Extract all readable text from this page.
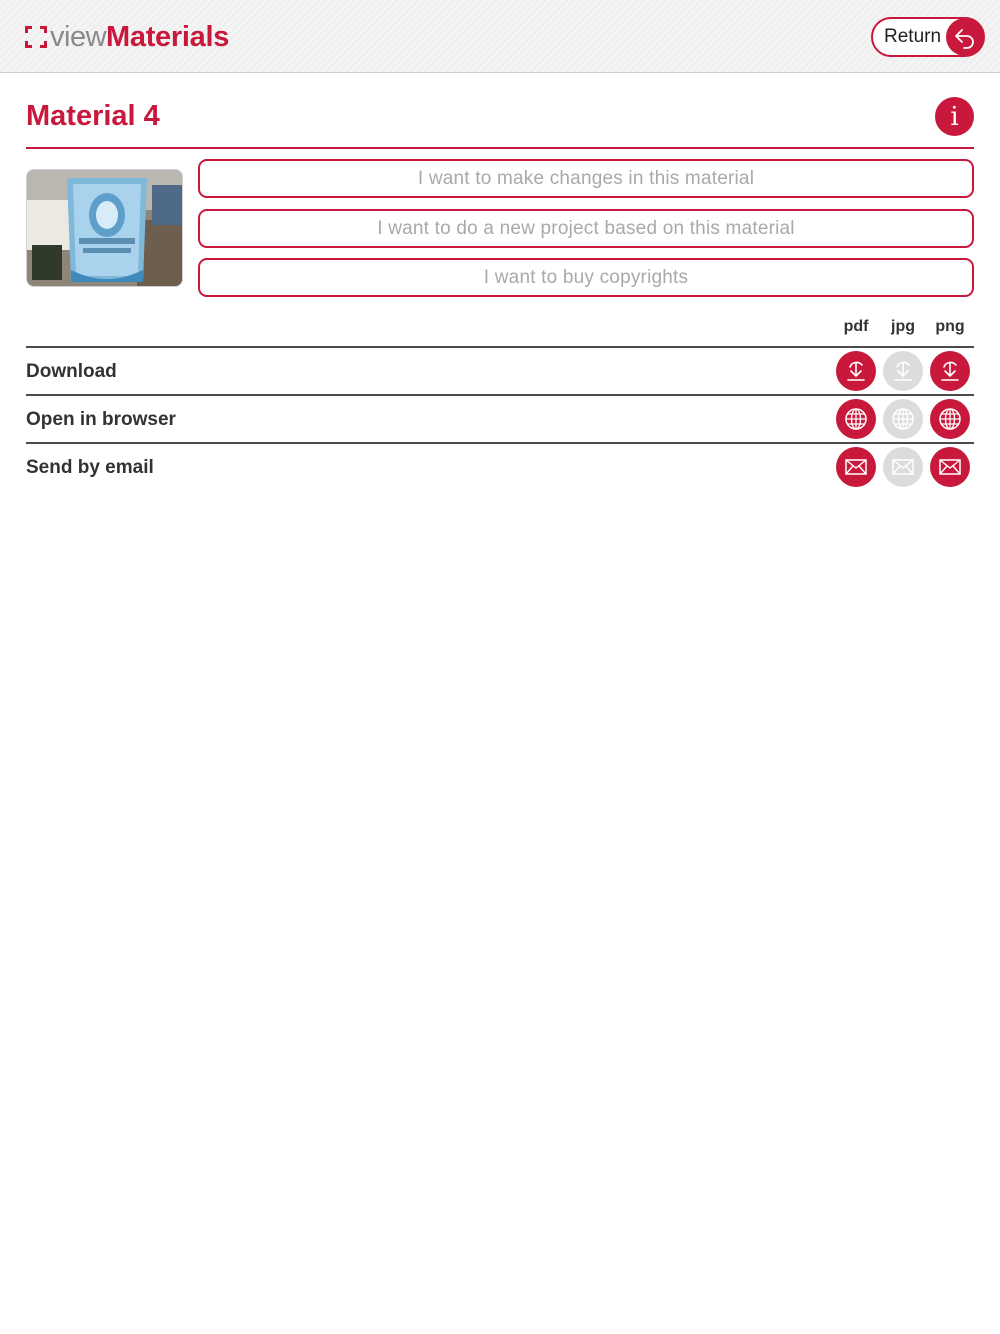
view Materials	Return
Material 4	i
I want to make changes in this material
I want to do a new project based on this material
I want to buy copyrights
pdf	jpg	png
Download
Open in browser
Send by email
